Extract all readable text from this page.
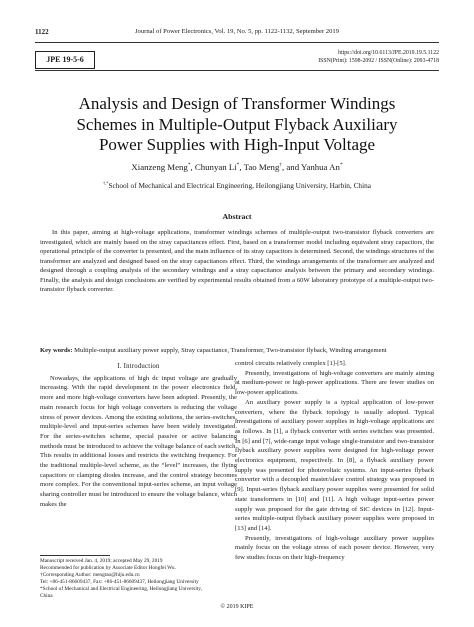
1122	Journal of Power Electronics, Vol. 19, No. 5, pp. 1122-1132, September 2019
JPE 19-5-6
https://doi.org/10.6113/JPE.2019.19.5.1122
ISSN(Print): 1598-2092 / ISSN(Online): 2093-4718
Analysis and Design of Transformer Windings
Schemes in Multiple-Output Flyback Auxiliary
Power Supplies with High-Input Voltage
Xianzeng Meng*, Chunyan Li*, Tao Meng†, and Yanhua An*
†,*School of Mechanical and Electrical Engineering, Heilongjiang University, Harbin, China
Abstract

In this paper, aiming at high-voltage applications, transformer windings schemes of multiple-output two-transistor flyback converters are investigated, which are mainly based on the stray capacitances effect. First, based on a transformer model including equivalent stray capacitors, the operational principle of the converter is presented, and the main influence of its stray capacitors is determined. Second, the windings structures of the transformer are analyzed and designed based on the stray capacitances effect. Third, the windings arrangements of the transformer are analyzed and designed through a coupling analysis of the secondary windings and a stray capacitance analysis between the primary and secondary windings. Finally, the analysis and design conclusions are verified by experimental results obtained from a 60W laboratory prototype of a multiple-output two-transistor flyback converter.

Key words: Multiple-output auxiliary power supply, Stray capacitance, Transformer, Two-transistor flyback, Winding arrangement
I. Introduction

Nowadays, the applications of high dc input voltage are gradually increasing. With the rapid development in the power electronics field, more and more high-voltage converters have been adopted. Presently, the main research focus for high voltage converters is reducing the voltage stress of power devices. Among the existing solutions, the series-switches, multiple-level and input-series schemes have been widely investigated. For the series-switches scheme, special passive or active balancing methods must be introduced to achieve the voltage balance of each switch. This results in additional losses and restricts the switching frequency. For the traditional multiple-level scheme, as the “level” increases, the flying capacitors or clamping diodes increase, and the control strategy becomes more complex. For the conventional input-series scheme, an input voltage sharing controller must be introduced to ensure the voltage balance, which makes the

control circuits relatively complex [1]-[5].

Presently, investigations of high-voltage converters are mainly aiming at medium-power or high-power applications. There are fewer studies on low-power applications.

An auxiliary power supply is a typical application of low-power converters, where the flyback topology is usually adopted. Typical investigations of auxiliary power supplies in high-voltage applications are as follows. In [1], a flyback converter with series switches was presented. In [6] and [7], wide-range input voltage single-transistor and two-transistor flyback auxiliary power supplies were designed for high-voltage power electronics equipment, respectively. In [8], a flyback auxiliary power supply was presented for photovoltaic systems. An input-series flyback converter with a decoupled master/slave control strategy was proposed in [9]. Input-series flyback auxiliary power supplies were presented for solid state transformers in [10] and [11]. A high voltage input-series power supply was proposed for the gate driving of SiC devices in [12]. Input-series multiple-output flyback auxiliary power supplies were proposed in [13] and [14].

Presently, investigations of high-voltage auxiliary power supplies mainly focus on the voltage stress of each power device. However, very few studies focus on their high-frequency

Manuscript received Jan. 4, 2019; accepted May 29, 2019
Recommended for publication by Associate Editor Hongfei Wu.
†Corresponding Author: mengtao@hlju.edu.cn
Tel: +86-451-86609437, Fax: +86-451-86609437, Heilongjiang University
*School of Mechanical and Electrical Engineering, Heilongjiang University,
China
© 2019 KIPE
